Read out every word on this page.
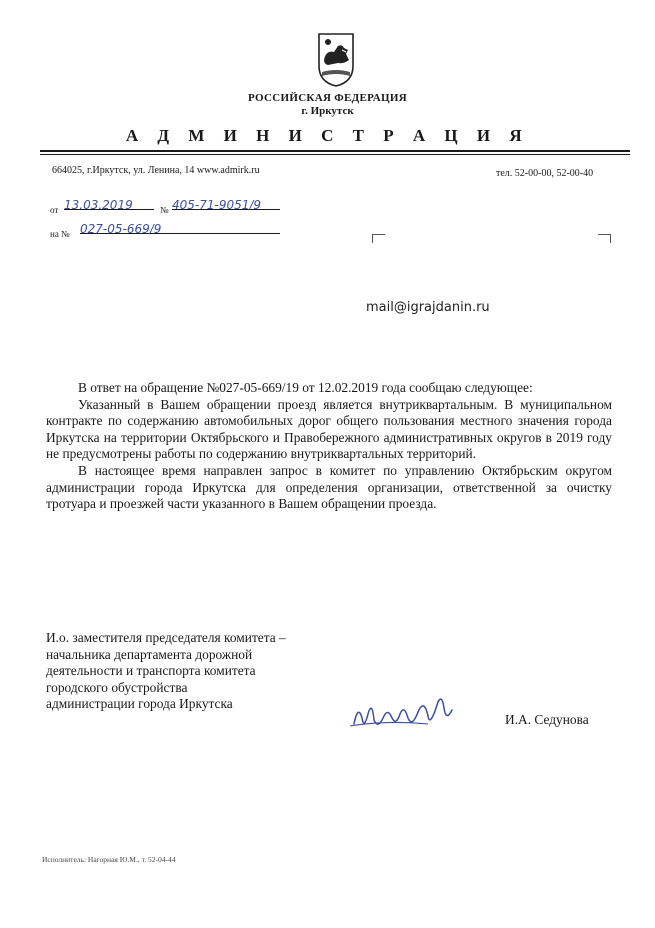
РОССИЙСКАЯ ФЕДЕРАЦИЯ
г. Иркутск
А Д М И Н И С Т Р А Ц И Я
664025, г.Иркутск, ул. Ленина, 14 www.admirk.ru	тел. 52-00-00, 52-00-40
от 13.03.2019	№ 405-71-9051/9
на № 027-05-669/9
mail@igrajdanin.ru

В ответ на обращение №027-05-669/19 от 12.02.2019 года сообщаю следующее:

Указанный в Вашем обращении проезд является внутриквартальным. В муниципальном контракте по содержанию автомобильных дорог общего пользования местного значения города Иркутска на территории Октябрьского и Правобережного административных округов в 2019 году не предусмотрены работы по содержанию внутриквартальных территорий.

В настоящее время направлен запрос в комитет по управлению Октябрьским округом администрации города Иркутска для определения организации, ответственной за очистку тротуара и проезжей части указанного в Вашем обращении проезда.

И.о. заместителя председателя комитета –
начальника департамента дорожной
деятельности и транспорта комитета
городского обустройства
администрации города Иркутска
И.А. Седунова
Исполнитель: Нагорная Ю.М., т. 52-04-44
